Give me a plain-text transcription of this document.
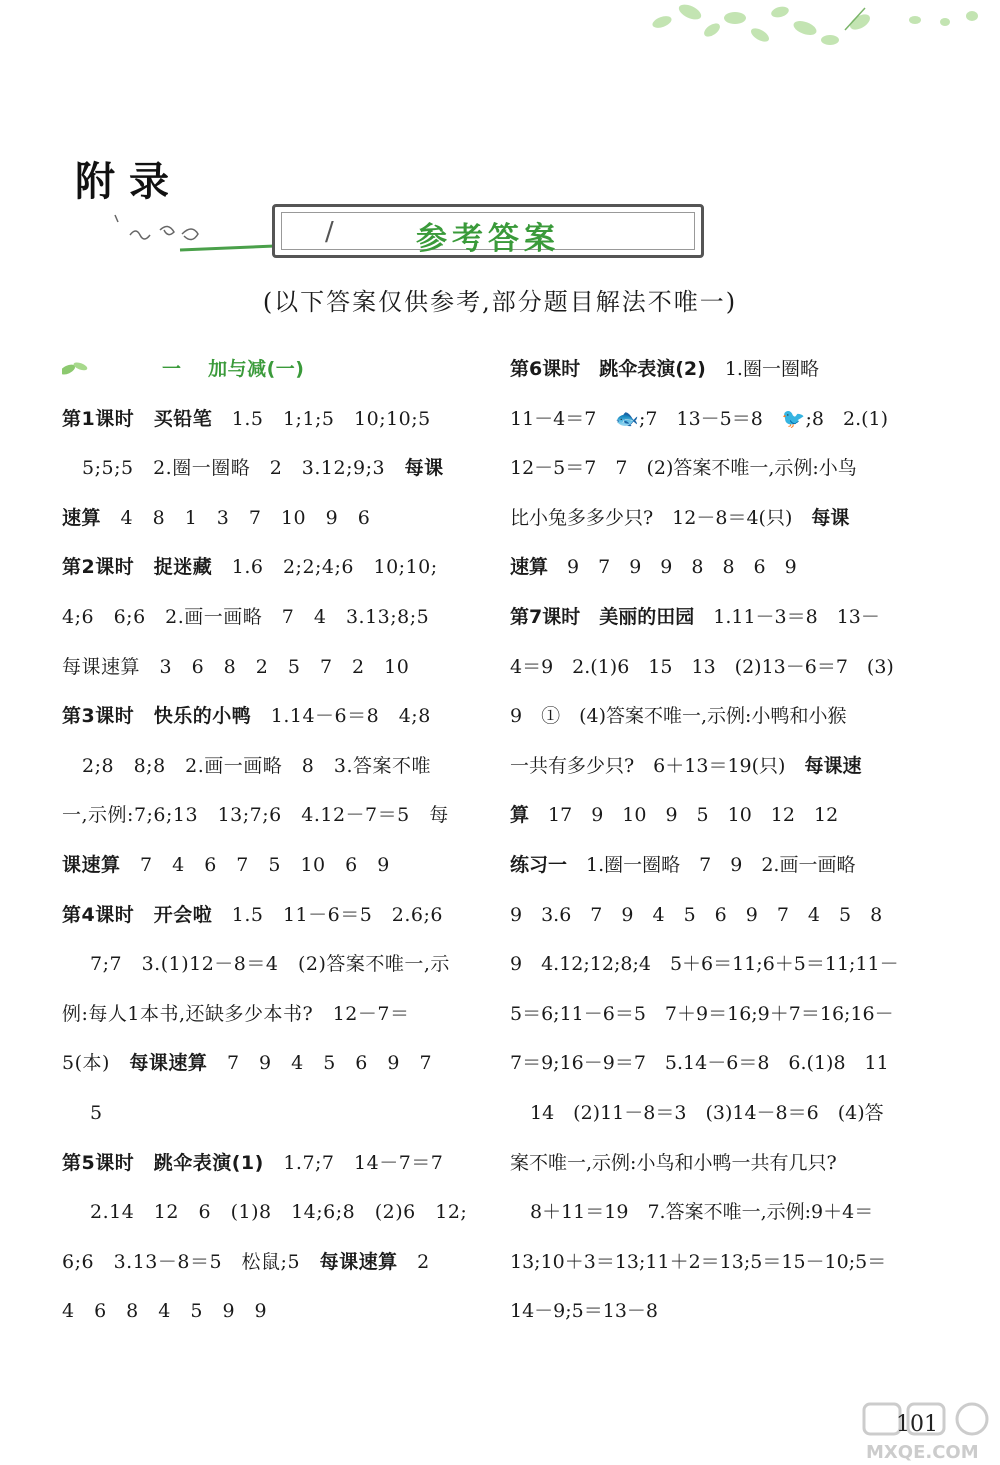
附录
/	参考答案
(以下答案仅供参考,部分题目解法不唯一)
一 　加与减(一)
第1课时　买铅笔　1.5　1;1;5　10;10;5
5;5;5　2.圈一圈略　2　3.12;9;3　每课
速算　4　8　1　3　7　10　9　6
第2课时　捉迷藏　1.6　2;2;4;6　10;10;
4;6　6;6　2.画一画略　7　4　3.13;8;5
每课速算　3　6　8　2　5　7　2　10
第3课时　快乐的小鸭　1.14－6＝8　4;8
2;8　8;8　2.画一画略　8　3.答案不唯
一,示例:7;6;13　13;7;6　4.12－7＝5　每
课速算　7　4　6　7　5　10　6　9
第4课时　开会啦　1.5　11－6＝5　2.6;6
7;7　3.(1)12－8＝4　(2)答案不唯一,示
例:每人1本书,还缺多少本书?　12－7＝
5(本)　每课速算　7　9　4　5　6　9　7
5
第5课时　跳伞表演(1)　1.7;7　14－7＝7
2.14　12　6　(1)8　14;6;8　(2)6　12;
6;6　3.13－8＝5　松鼠;5　每课速算　2
4　6　8　4　5　9　9
第6课时　跳伞表演(2)　1.圈一圈略
11－4＝7　🐟;7　13－5＝8　🐦;8　2.(1)
12－5＝7　7　(2)答案不唯一,示例:小鸟
比小兔多多少只?　12－8＝4(只)　每课
速算　9　7　9　9　8　8　6　9
第7课时　美丽的田园　1.11－3＝8　13－
4＝9　2.(1)6　15　13　(2)13－6＝7　(3)
9　①　(4)答案不唯一,示例:小鸭和小猴
一共有多少只?　6＋13＝19(只)　每课速
算　17　9　10　9　5　10　12　12
练习一　1.圈一圈略　7　9　2.画一画略
9　3.6　7　9　4　5　6　9　7　4　5　8
9　4.12;12;8;4　5＋6＝11;6＋5＝11;11－
5＝6;11－6＝5　7＋9＝16;9＋7＝16;16－
7＝9;16－9＝7　5.14－6＝8　6.(1)8　11
14　(2)11－8＝3　(3)14－8＝6　(4)答
案不唯一,示例:小鸟和小鸭一共有几只?
8＋11＝19　7.答案不唯一,示例:9＋4＝
13;10＋3＝13;11＋2＝13;5＝15－10;5＝
14－9;5＝13－8
MXQE.COM
101
